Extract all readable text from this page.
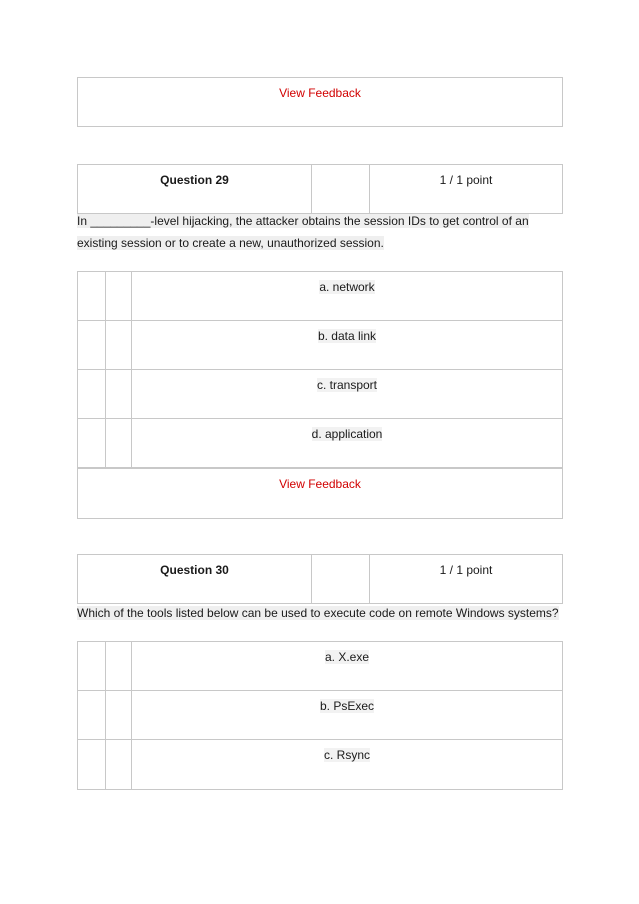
View Feedback
Question 29	1 / 1 point
In _________-level hijacking, the attacker obtains the session IDs to get control of an
existing session or to create a new, unauthorized session.
a. network
b. data link
c. transport
d. application
View Feedback
Question 30	1 / 1 point
Which of the tools listed below can be used to execute code on remote Windows systems?
a. X.exe
b. PsExec
c. Rsync
